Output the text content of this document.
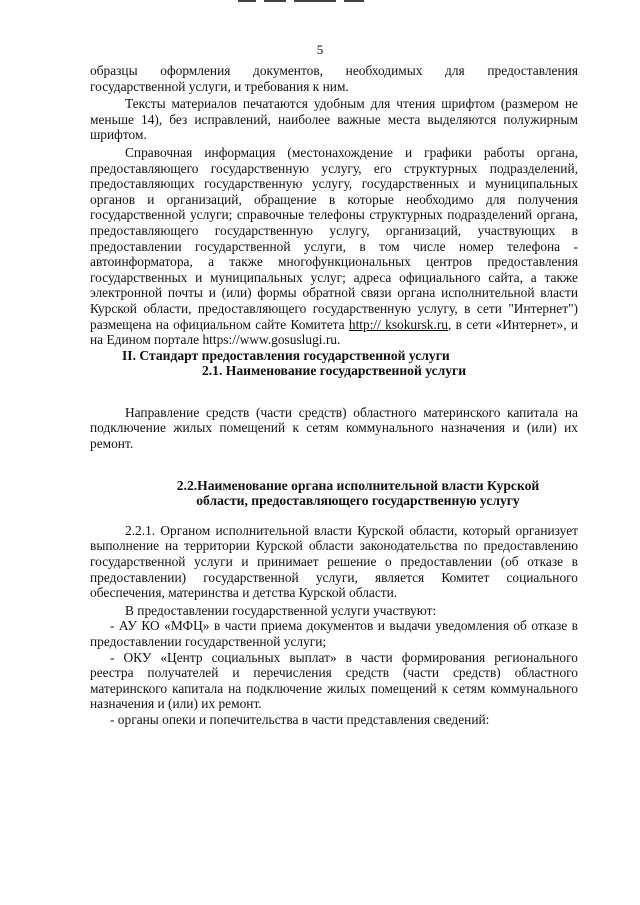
5

образцы оформления документов, необходимых для предоставления государственной услуги, и требования к ним.

Тексты материалов печатаются удобным для чтения шрифтом (размером не меньше 14), без исправлений, наиболее важные места выделяются полужирным шрифтом.

Справочная информация (местонахождение и графики работы органа, предоставляющего государственную услугу, его структурных подразделений, предоставляющих государственную услугу, государственных и муниципальных органов и организаций, обращение в которые необходимо для получения государственной услуги; справочные телефоны структурных подразделений органа, предоставляющего государственную услугу, организаций, участвующих в предоставлении государственной услуги, в том числе номер телефона - автоинформатора, а также многофункциональных центров предоставления государственных и муниципальных услуг; адреса официального сайта, а также электронной почты и (или) формы обратной связи органа исполнительной власти Курской области, предоставляющего государственную услугу, в сети "Интернет") размещена на официальном сайте Комитета http:// ksokursk.ru, в сети «Интернет», и на Едином портале https://www.gosuslugi.ru.

II. Стандарт предоставления государственной услуги

2.1. Наименование государственной услуги

Направление средств (части средств) областного материнского капитала на подключение жилых помещений к сетям коммунального назначения и (или) их ремонт.

2.2.Наименование органа исполнительной власти Курской

области, предоставляющего государственную услугу

2.2.1. Органом исполнительной власти Курской области, который организует выполнение на территории Курской области законодательства по предоставлению государственной услуги и принимает решение о предоставлении (об отказе в предоставлении) государственной услуги, является Комитет социального обеспечения, материнства и детства Курской области.

В предоставлении государственной услуги участвуют:

- АУ КО «МФЦ» в части приема документов и выдачи уведомления об отказе в предоставлении государственной услуги;

- ОКУ «Центр социальных выплат» в части формирования регионального реестра получателей и перечисления средств (части средств) областного материнского капитала на подключение жилых помещений к сетям коммунального назначения и (или) их ремонт.

- органы опеки и попечительства в части представления сведений:
